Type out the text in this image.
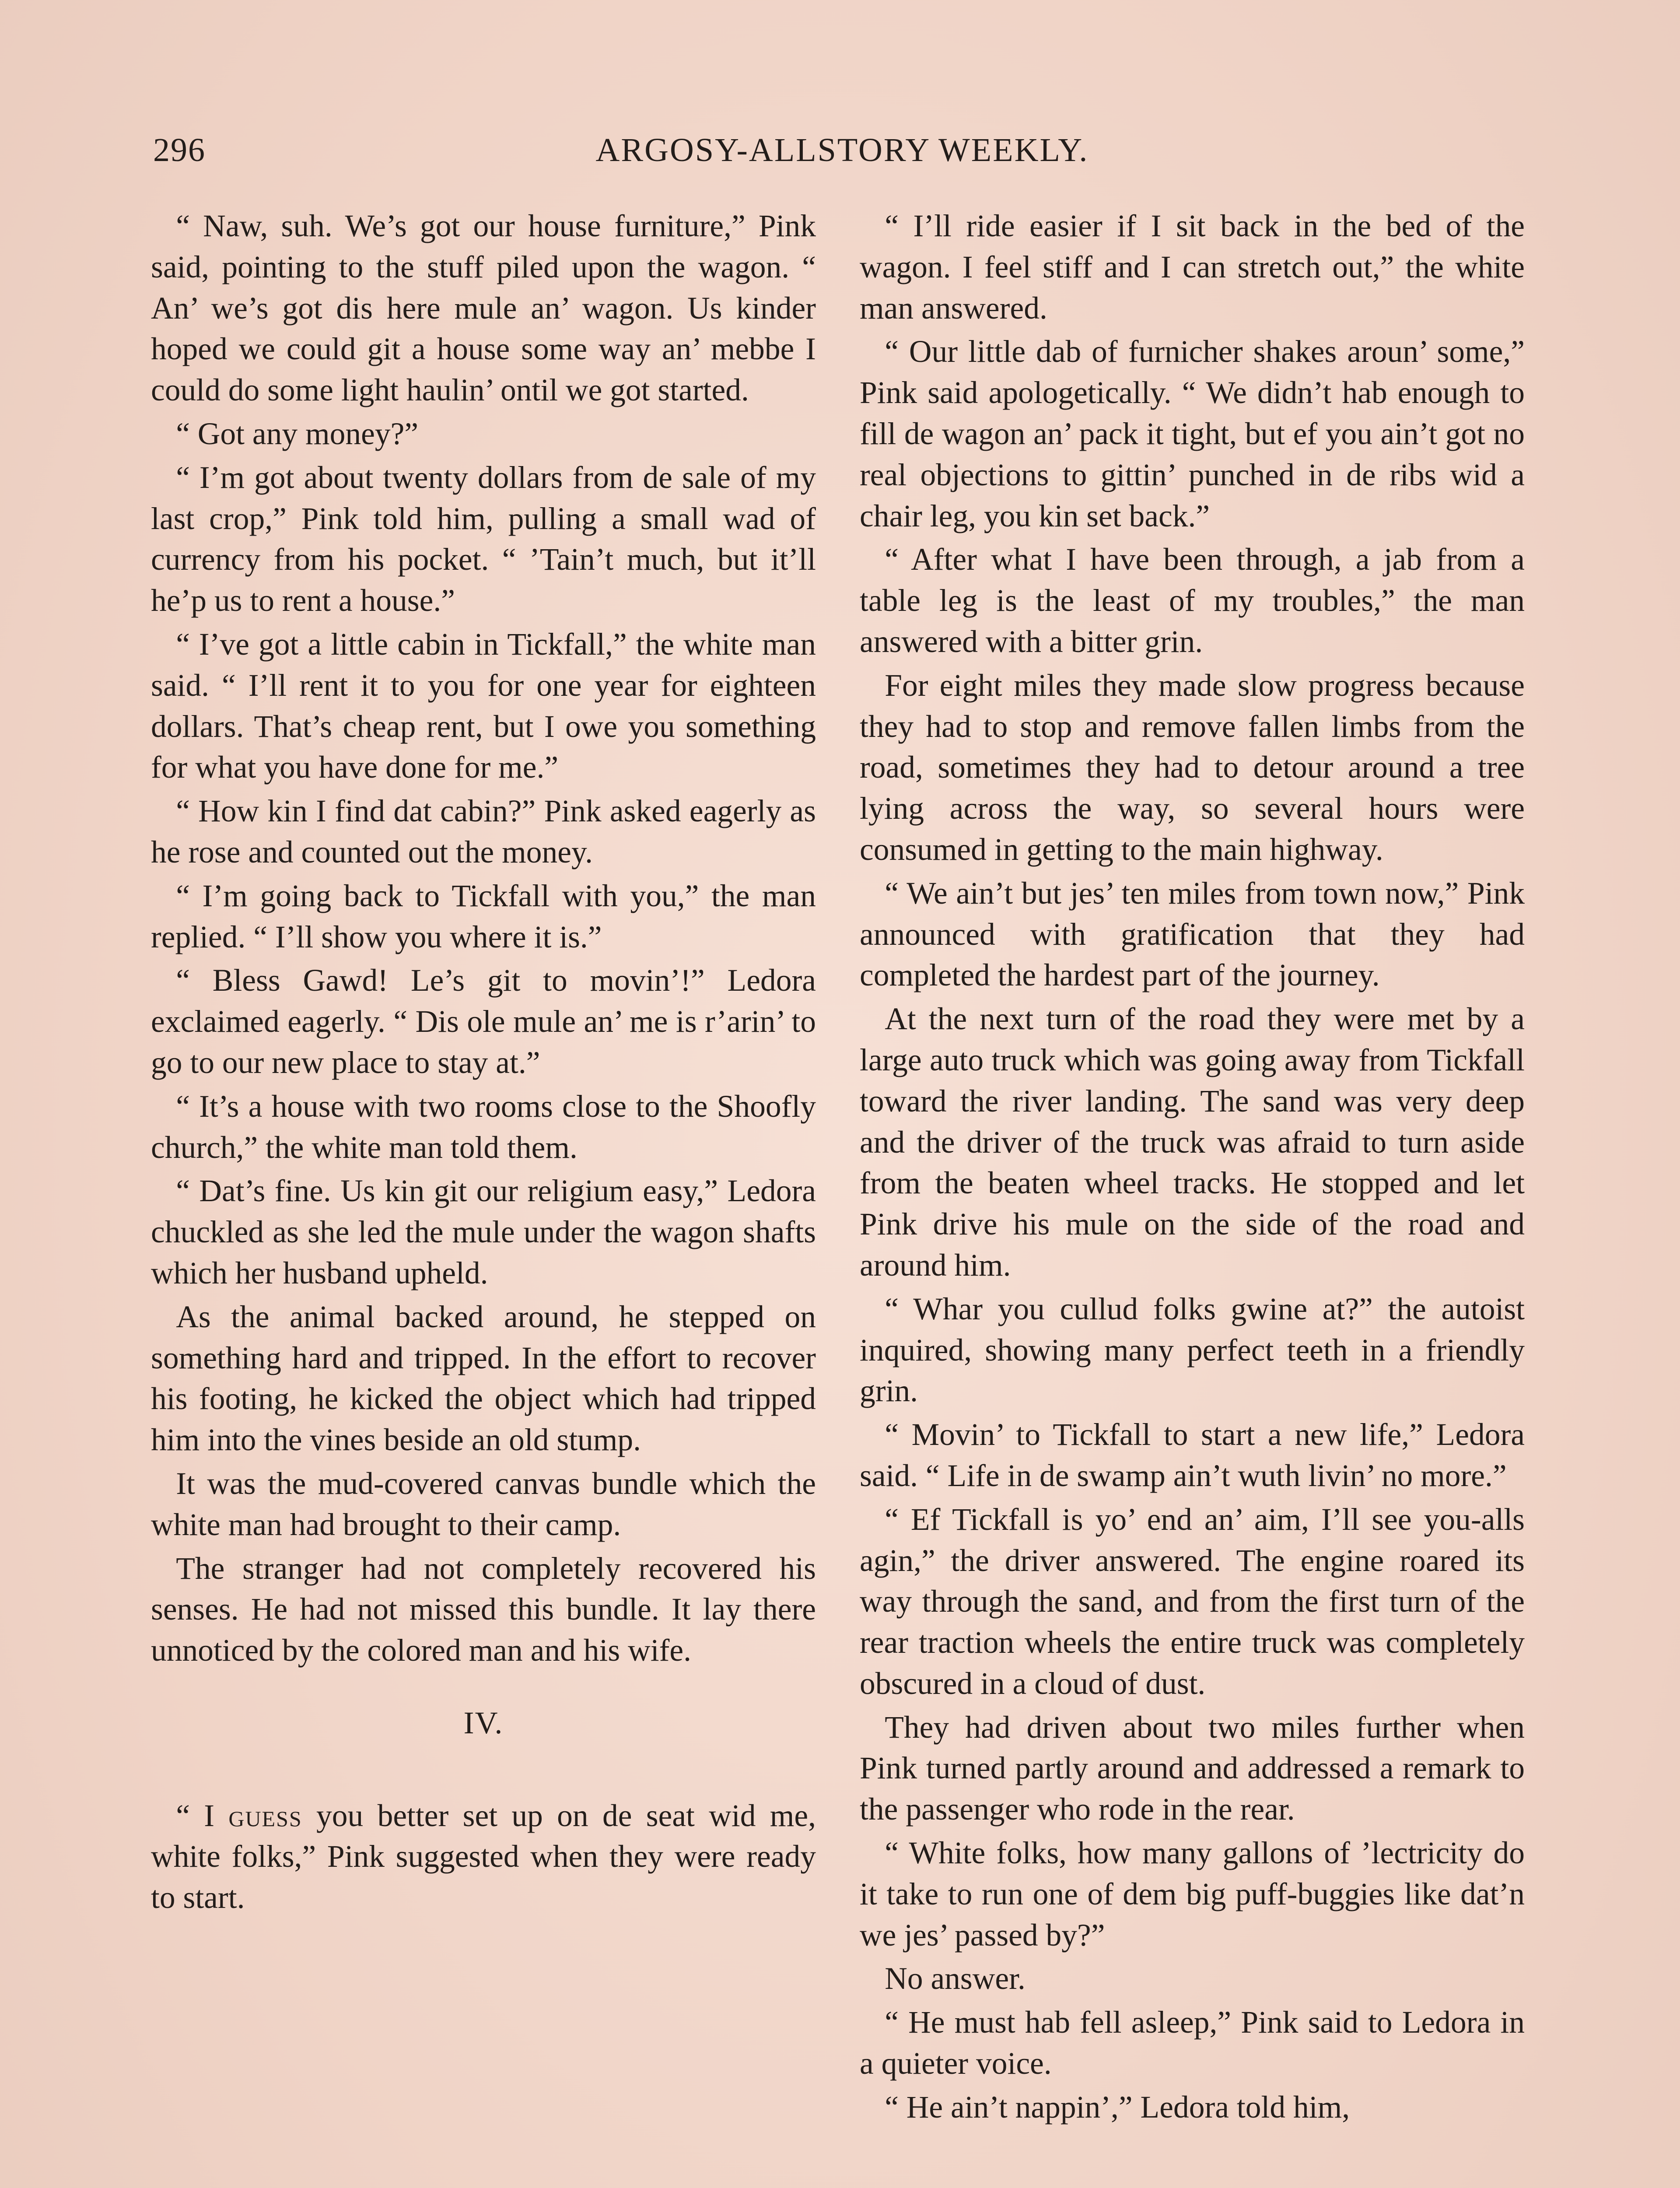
296	ARGOSY-ALLSTORY WEEKLY.

“ Naw, suh. We’s got our house furniture,” Pink said, pointing to the stuff piled upon the wagon. “ An’ we’s got dis here mule an’ wagon. Us kinder hoped we could git a house some way an’ mebbe I could do some light haulin’ ontil we got started.

“ Got any money?”

“ I’m got about twenty dollars from de sale of my last crop,” Pink told him, pulling a small wad of currency from his pocket. “ ’Tain’t much, but it’ll he’p us to rent a house.”

“ I’ve got a little cabin in Tickfall,” the white man said. “ I’ll rent it to you for one year for eighteen dollars. That’s cheap rent, but I owe you something for what you have done for me.”

“ How kin I find dat cabin?” Pink asked eagerly as he rose and counted out the money.

“ I’m going back to Tickfall with you,” the man replied. “ I’ll show you where it is.”

“ Bless Gawd! Le’s git to movin’!” Ledora exclaimed eagerly. “ Dis ole mule an’ me is r’arin’ to go to our new place to stay at.”

“ It’s a house with two rooms close to the Shoofly church,” the white man told them.

“ Dat’s fine. Us kin git our religium easy,” Ledora chuckled as she led the mule under the wagon shafts which her husband upheld.

As the animal backed around, he stepped on something hard and tripped. In the effort to recover his footing, he kicked the object which had tripped him into the vines beside an old stump.

It was the mud-covered canvas bundle which the white man had brought to their camp.

The stranger had not completely recovered his senses. He had not missed this bundle. It lay there unnoticed by the colored man and his wife.

IV.

“ I guess you better set up on de seat wid me, white folks,” Pink suggested when they were ready to start.

“ I’ll ride easier if I sit back in the bed of the wagon. I feel stiff and I can stretch out,” the white man answered.

“ Our little dab of furnicher shakes aroun’ some,” Pink said apologetically. “ We didn’t hab enough to fill de wagon an’ pack it tight, but ef you ain’t got no real objections to gittin’ punched in de ribs wid a chair leg, you kin set back.”

“ After what I have been through, a jab from a table leg is the least of my troubles,” the man answered with a bitter grin.

For eight miles they made slow progress because they had to stop and remove fallen limbs from the road, sometimes they had to detour around a tree lying across the way, so several hours were consumed in getting to the main highway.

“ We ain’t but jes’ ten miles from town now,” Pink announced with gratification that they had completed the hardest part of the journey.

At the next turn of the road they were met by a large auto truck which was going away from Tickfall toward the river landing. The sand was very deep and the driver of the truck was afraid to turn aside from the beaten wheel tracks. He stopped and let Pink drive his mule on the side of the road and around him.

“ Whar you cullud folks gwine at?” the autoist inquired, showing many perfect teeth in a friendly grin.

“ Movin’ to Tickfall to start a new life,” Ledora said. “ Life in de swamp ain’t wuth livin’ no more.”

“ Ef Tickfall is yo’ end an’ aim, I’ll see you-alls agin,” the driver answered. The engine roared its way through the sand, and from the first turn of the rear traction wheels the entire truck was completely obscured in a cloud of dust.

They had driven about two miles further when Pink turned partly around and addressed a remark to the passenger who rode in the rear.

“ White folks, how many gallons of ’lectricity do it take to run one of dem big puff-buggies like dat’n we jes’ passed by?”

No answer.

“ He must hab fell asleep,” Pink said to Ledora in a quieter voice.

“ He ain’t nappin’,” Ledora told him,
